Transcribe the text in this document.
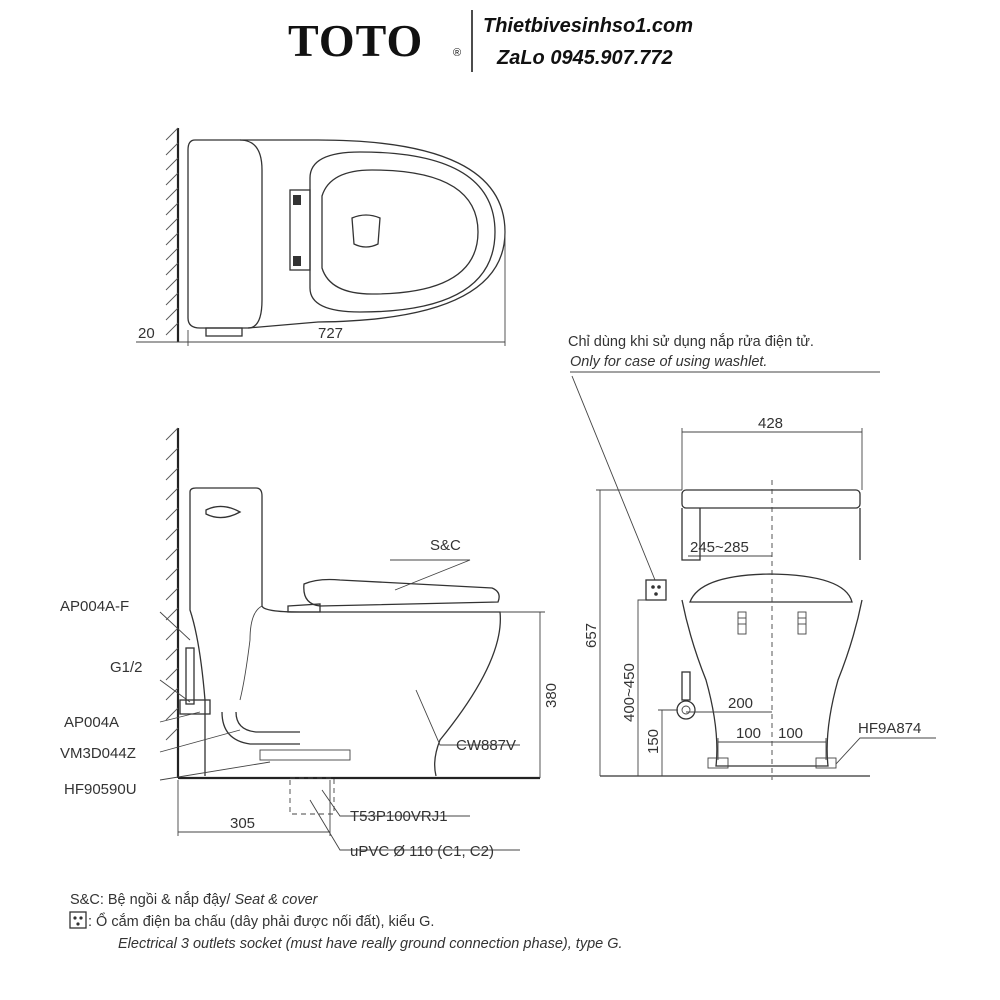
TOTO	®
Thietbivesinhso1.com
ZaLo 0945.907.772
20	727
AP004A-F
G1/2
AP004A
VM3D044Z
HF90590U
S&C
CW887V
T53P100VRJ1
uPVC Ø 110 (C1, C2)
380
305
Chỉ dùng khi sử dụng nắp rửa điện tử.
Only for case of using washlet.
428
245~285
657
400~450
150
200
100 100	HF9A874
S&C: Bệ ngồi & nắp đậy/ Seat & cover
: Ổ cắm điện ba chấu (dây phải được nối đất), kiểu G.
Electrical 3 outlets socket (must have really ground connection phase), type G.
